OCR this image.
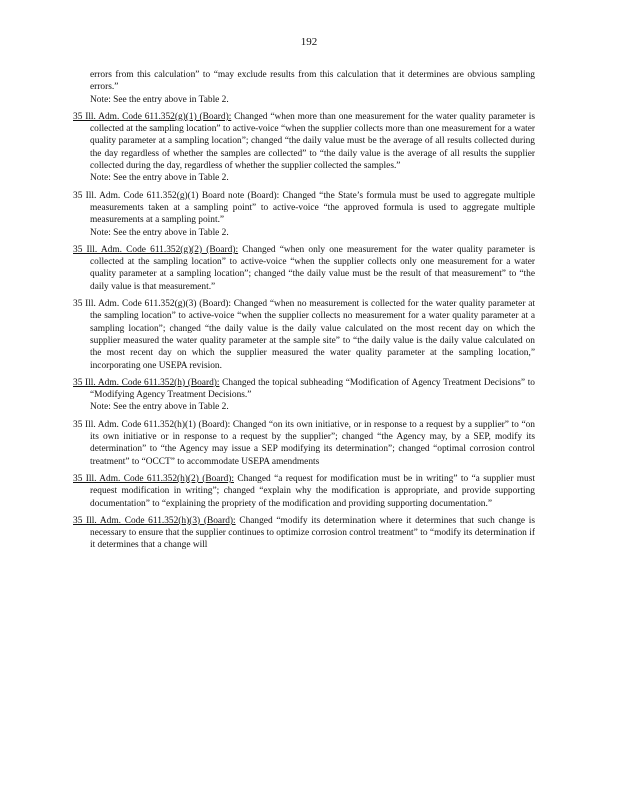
192
errors from this calculation” to “may exclude results from this calculation that it determines are obvious sampling errors.”
Note: See the entry above in Table 2.
35 Ill. Adm. Code 611.352(g)(1) (Board): Changed “when more than one measurement for the water quality parameter is collected at the sampling location” to active-voice “when the supplier collects more than one measurement for a water quality parameter at a sampling location”; changed “the daily value must be the average of all results collected during the day regardless of whether the samples are collected” to “the daily value is the average of all results the supplier collected during the day, regardless of whether the supplier collected the samples.”
Note: See the entry above in Table 2.
35 Ill. Adm. Code 611.352(g)(1) Board note (Board): Changed “the State’s formula must be used to aggregate multiple measurements taken at a sampling point” to active-voice “the approved formula is used to aggregate multiple measurements at a sampling point.”
Note: See the entry above in Table 2.
35 Ill. Adm. Code 611.352(g)(2) (Board): Changed “when only one measurement for the water quality parameter is collected at the sampling location” to active-voice “when the supplier collects only one measurement for a water quality parameter at a sampling location”; changed “the daily value must be the result of that measurement” to “the daily value is that measurement.”
35 Ill. Adm. Code 611.352(g)(3) (Board): Changed “when no measurement is collected for the water quality parameter at the sampling location” to active-voice “when the supplier collects no measurement for a water quality parameter at a sampling location”; changed “the daily value is the daily value calculated on the most recent day on which the supplier measured the water quality parameter at the sample site” to “the daily value is the daily value calculated on the most recent day on which the supplier measured the water quality parameter at the sampling location,” incorporating one USEPA revision.
35 Ill. Adm. Code 611.352(h) (Board): Changed the topical subheading “Modification of Agency Treatment Decisions” to “Modifying Agency Treatment Decisions.”
Note: See the entry above in Table 2.
35 Ill. Adm. Code 611.352(h)(1) (Board): Changed “on its own initiative, or in response to a request by a supplier” to “on its own initiative or in response to a request by the supplier”; changed “the Agency may, by a SEP, modify its determination” to “the Agency may issue a SEP modifying its determination”; changed “optimal corrosion control treatment” to “OCCT” to accommodate USEPA amendments
35 Ill. Adm. Code 611.352(h)(2) (Board): Changed “a request for modification must be in writing” to “a supplier must request modification in writing”; changed “explain why the modification is appropriate, and provide supporting documentation” to “explaining the propriety of the modification and providing supporting documentation.”
35 Ill. Adm. Code 611.352(h)(3) (Board): Changed “modify its determination where it determines that such change is necessary to ensure that the supplier continues to optimize corrosion control treatment” to “modify its determination if it determines that a change will
